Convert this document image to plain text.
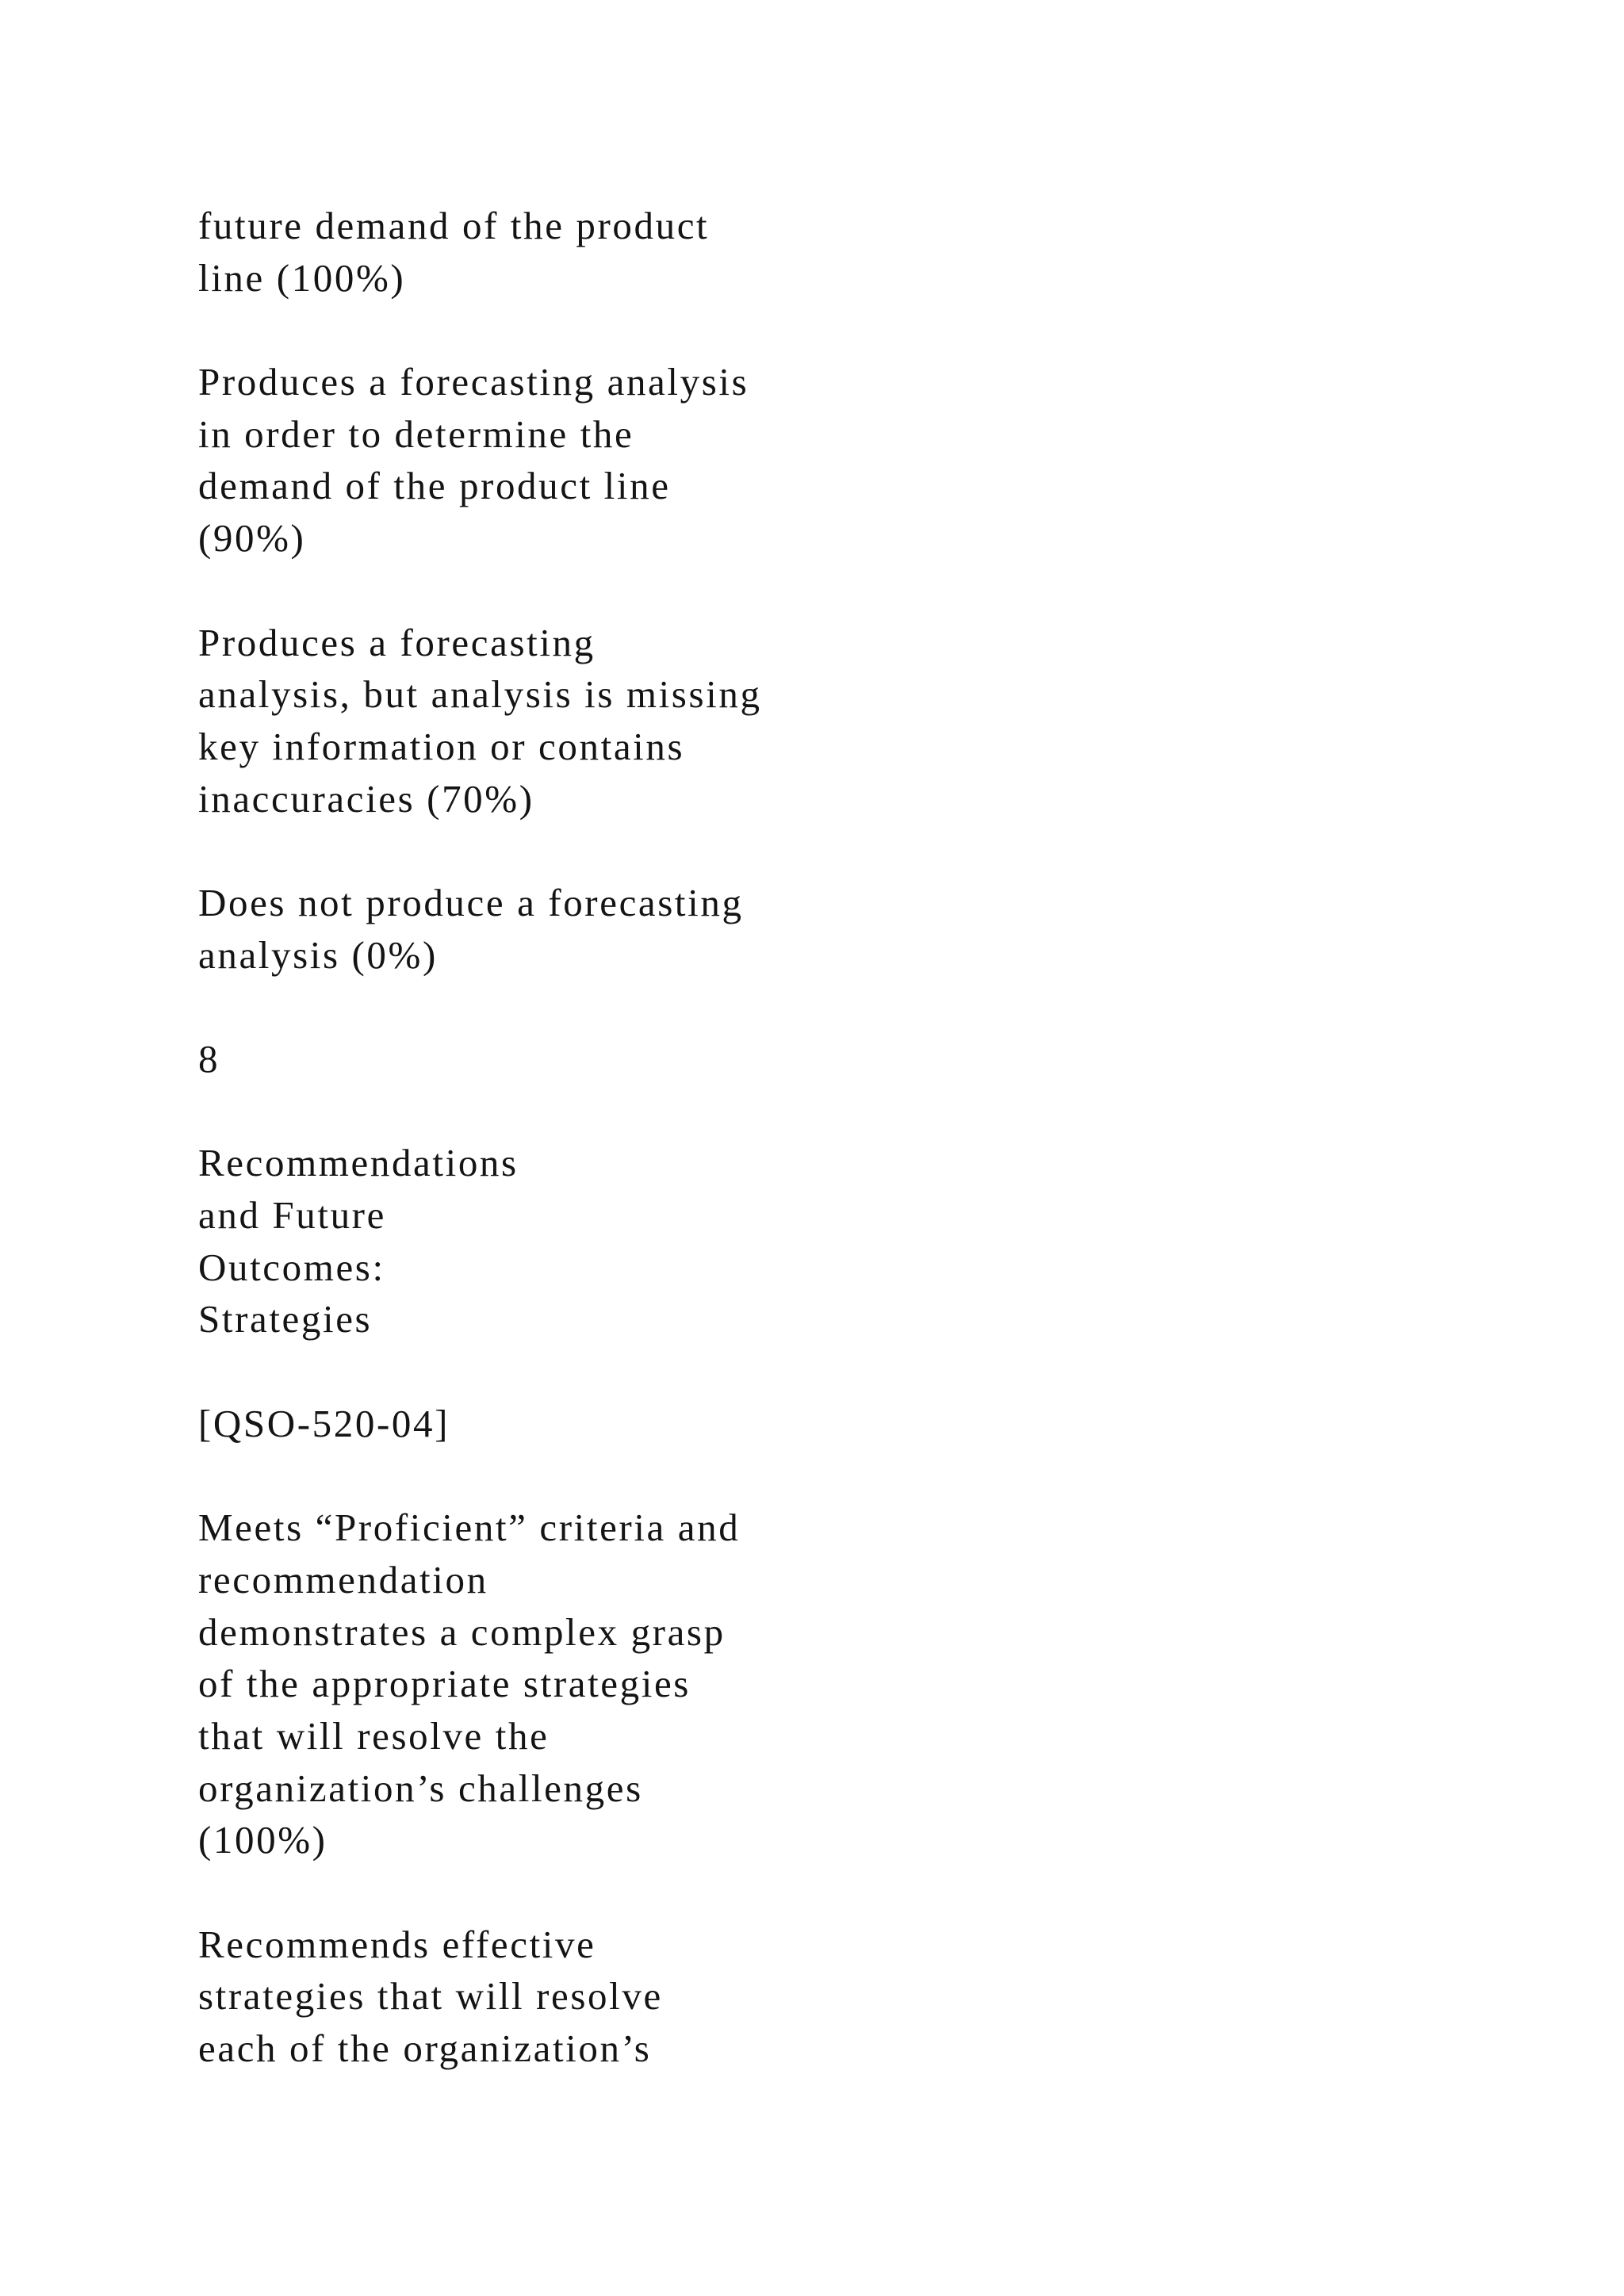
future demand of the product
line (100%)

Produces a forecasting analysis
in order to determine the
demand of the product line
(90%)

Produces a forecasting
analysis, but analysis is missing
key information or contains
inaccuracies (70%)

Does not produce a forecasting
analysis (0%)

8

Recommendations
and Future
Outcomes:
Strategies

[QSO-520-04]

Meets “Proficient” criteria and
recommendation
demonstrates a complex grasp
of the appropriate strategies
that will resolve the
organization’s challenges
(100%)

Recommends effective
strategies that will resolve
each of the organization’s
